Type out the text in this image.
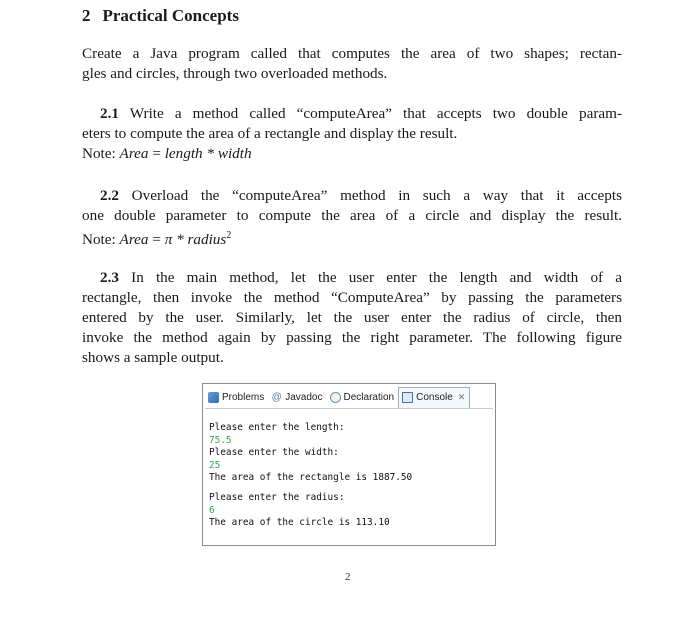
2 Practical Concepts

Create a Java program called that computes the area of two shapes; rectan-
gles and circles, through two overloaded methods.

2.1 Write a method called “computeArea” that accepts two double param-
eters to compute the area of a rectangle and display the result.
Note: Area = length * width

2.2 Overload the “computeArea” method in such a way that it accepts
one double parameter to compute the area of a circle and display the result.
Note: Area = π * radius$^2$

2.3 In the main method, let the user enter the length and width of a
rectangle, then invoke the method “ComputeArea” by passing the parameters
entered by the user. Similarly, let the user enter the radius of circle, then
invoke the method again by passing the right parameter. The following figure
shows a sample output.

Problems @ Javadoc Declaration Console ✕
Please enter the length:
75.5
Please enter the width:
25
The area of the rectangle is 1887.50
Please enter the radius:
6
The area of the circle is 113.10
2
